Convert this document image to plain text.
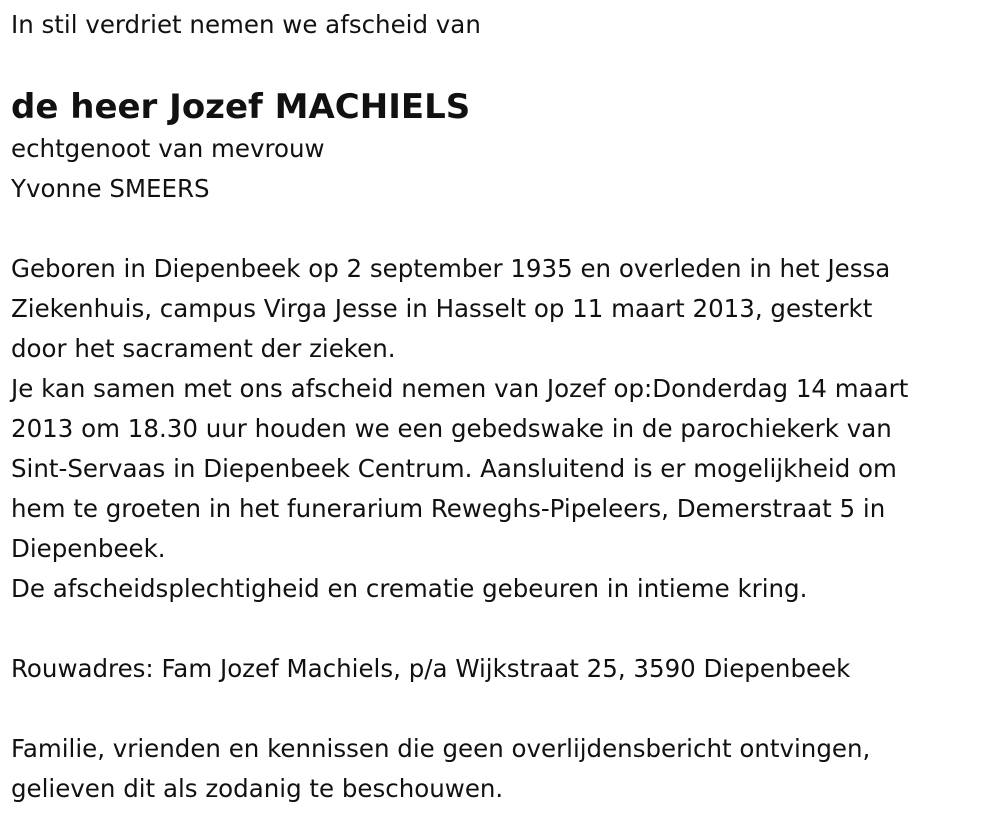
In stil verdriet nemen we afscheid van
de heer Jozef MACHIELS
echtgenoot van mevrouw
Yvonne SMEERS
Geboren in Diepenbeek op 2 september 1935 en overleden in het Jessa
Ziekenhuis, campus Virga Jesse in Hasselt op 11 maart 2013, gesterkt
door het sacrament der zieken.
Je kan samen met ons afscheid nemen van Jozef op:Donderdag 14 maart
2013 om 18.30 uur houden we een gebedswake in de parochiekerk van
Sint-Servaas in Diepenbeek Centrum. Aansluitend is er mogelijkheid om
hem te groeten in het funerarium Reweghs-Pipeleers, Demerstraat 5 in
Diepenbeek.
De afscheidsplechtigheid en crematie gebeuren in intieme kring.
Rouwadres: Fam Jozef Machiels, p/a Wijkstraat 25, 3590 Diepenbeek
Familie, vrienden en kennissen die geen overlijdensbericht ontvingen,
gelieven dit als zodanig te beschouwen.
